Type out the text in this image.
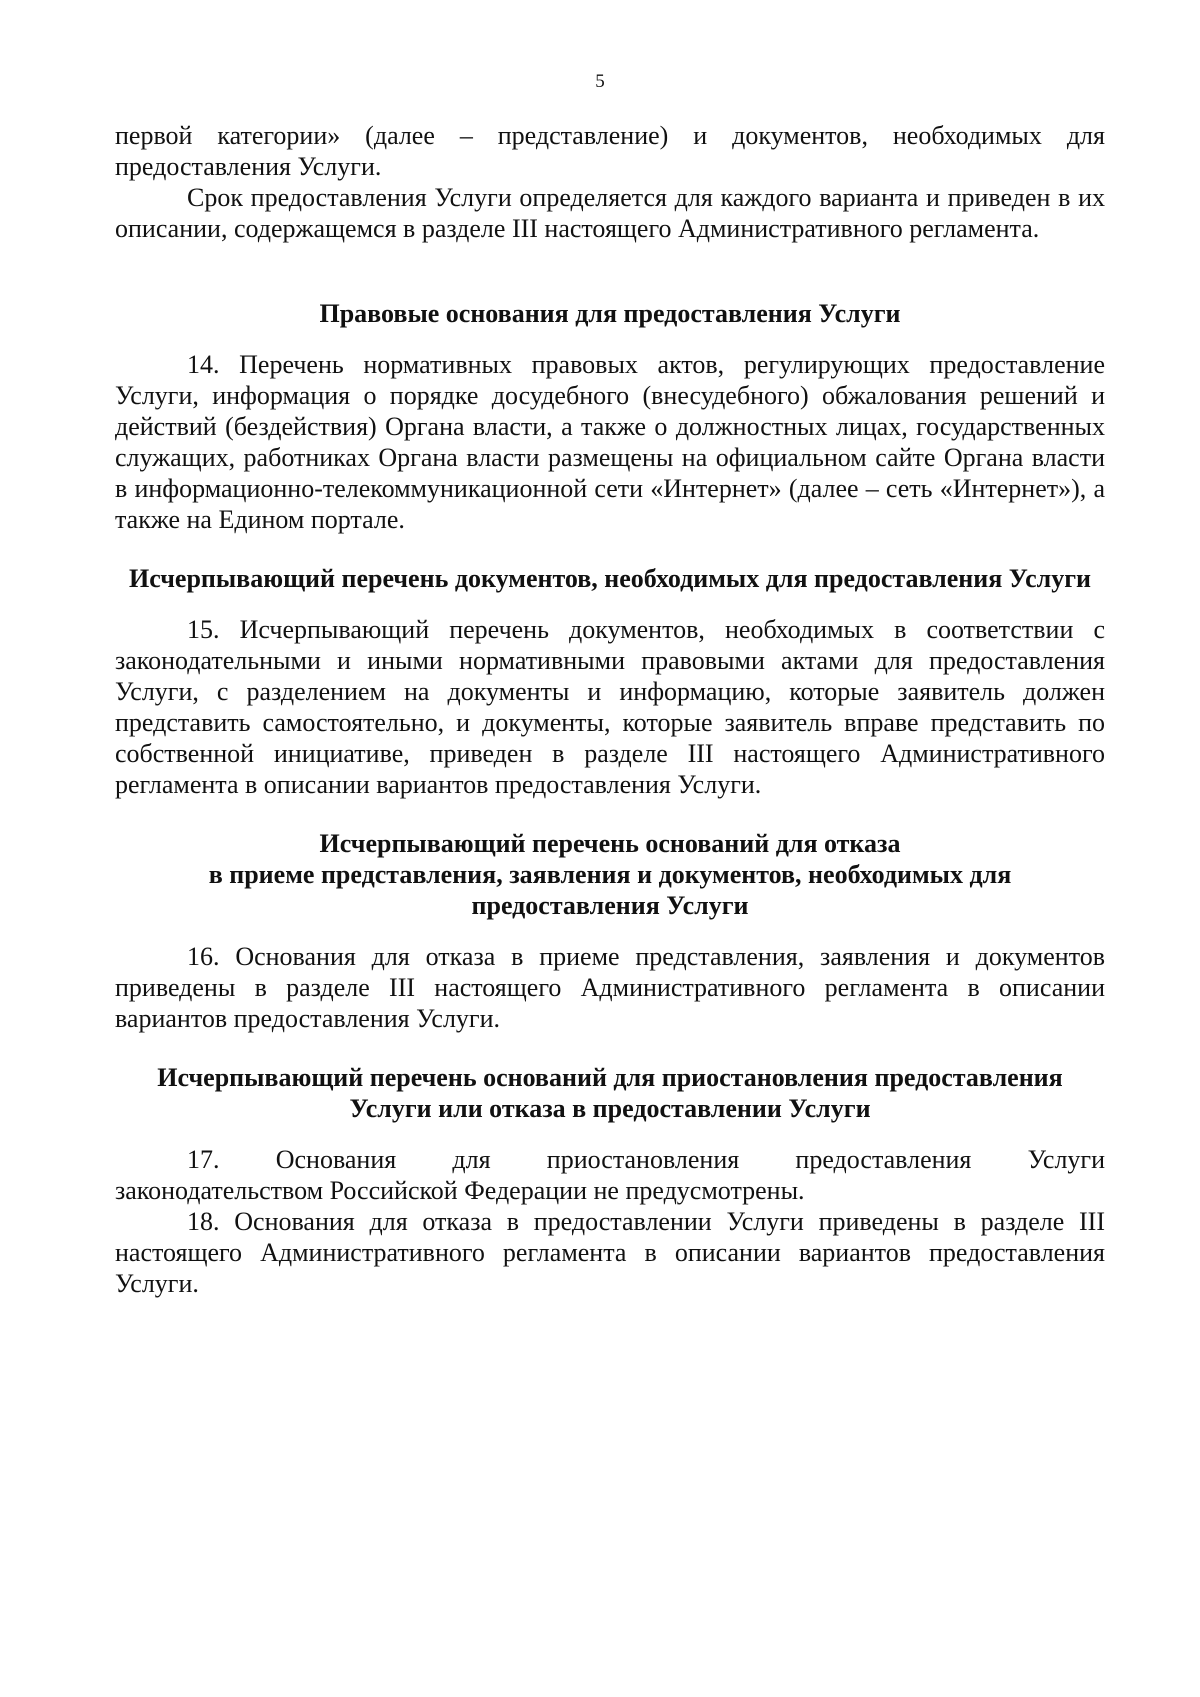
5

первой категории» (далее – представление) и документов, необходимых для предоставления Услуги.

Срок предоставления Услуги определяется для каждого варианта и приведен в их описании, содержащемся в разделе III настоящего Административного регламента.

Правовые основания для предоставления Услуги

14. Перечень нормативных правовых актов, регулирующих предоставление Услуги, информация о порядке досудебного (внесудебного) обжалования решений и действий (бездействия) Органа власти, а также о должностных лицах, государственных служащих, работниках Органа власти размещены на официальном сайте Органа власти в информационно-телекоммуникационной сети «Интернет» (далее – сеть «Интернет»), а также на Едином портале.

Исчерпывающий перечень документов, необходимых для предоставления Услуги

15. Исчерпывающий перечень документов, необходимых в соответствии с законодательными и иными нормативными правовыми актами для предоставления Услуги, с разделением на документы и информацию, которые заявитель должен представить самостоятельно, и документы, которые заявитель вправе представить по собственной инициативе, приведен в разделе III настоящего Административного регламента в описании вариантов предоставления Услуги.

Исчерпывающий перечень оснований для отказа
в приеме представления, заявления и документов, необходимых для
предоставления Услуги

16. Основания для отказа в приеме представления, заявления и документов приведены в разделе III настоящего Административного регламента в описании вариантов предоставления Услуги.

Исчерпывающий перечень оснований для приостановления предоставления Услуги или отказа в предоставлении Услуги

17. Основания для приостановления предоставления Услуги

законодательством Российской Федерации не предусмотрены.

18. Основания для отказа в предоставлении Услуги приведены в разделе III настоящего Административного регламента в описании вариантов предоставления Услуги.
